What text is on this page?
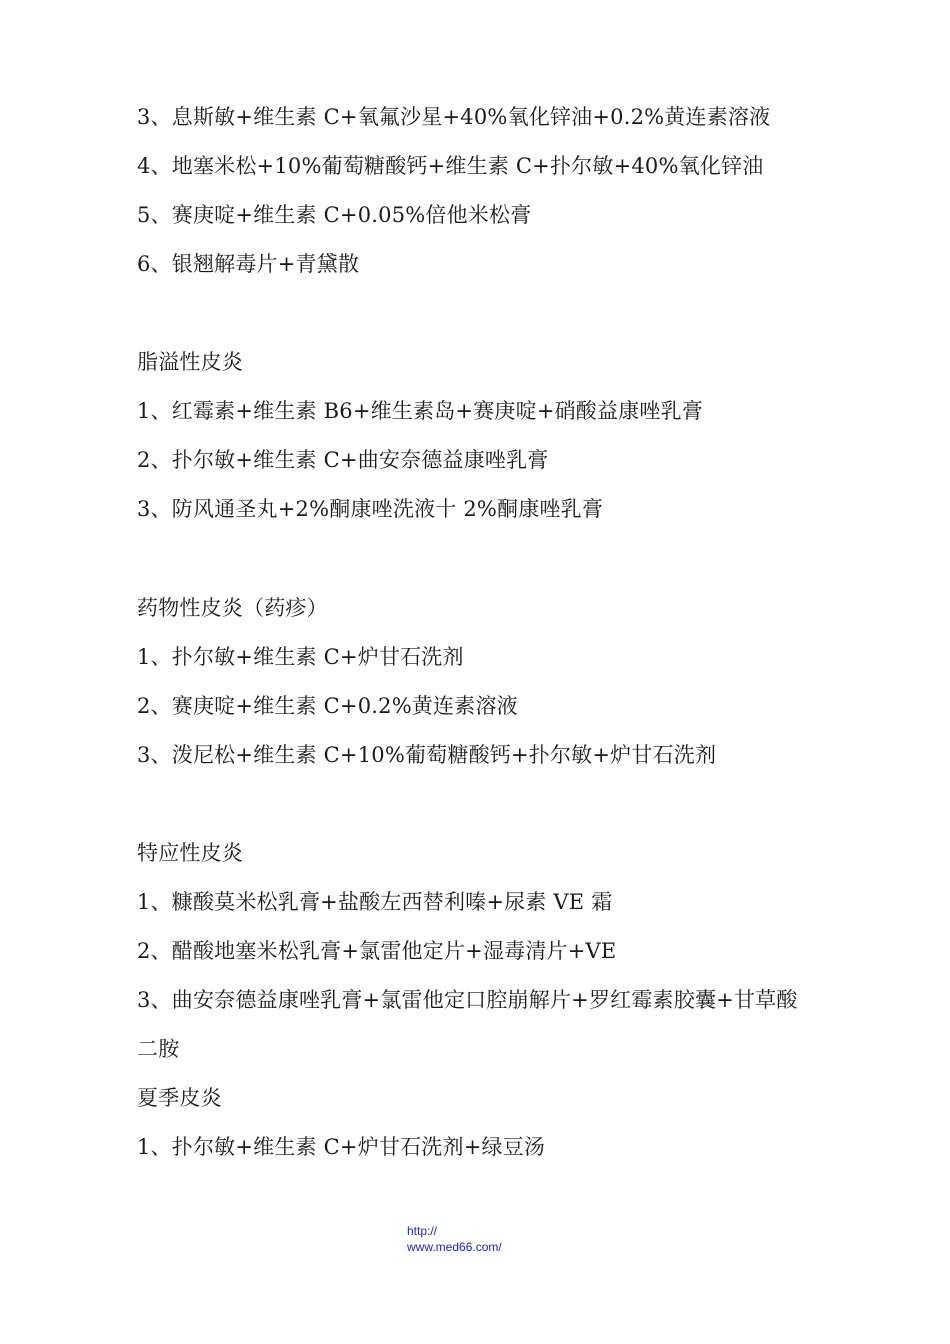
3、息斯敏+维生素 C+氧氟沙星+40%氧化锌油+0.2%黄连素溶液
4、地塞米松+10%葡萄糖酸钙+维生素 C+扑尔敏+40%氧化锌油
5、赛庚啶+维生素 C+0.05%倍他米松膏
6、银翘解毒片+青黛散
脂溢性皮炎
1、红霉素+维生素 B6+维生素岛+赛庚啶+硝酸益康唑乳膏
2、扑尔敏+维生素 C+曲安奈德益康唑乳膏
3、防风通圣丸+2%酮康唑洗液十 2%酮康唑乳膏
药物性皮炎（药疹）
1、扑尔敏+维生素 C+炉甘石洗剂
2、赛庚啶+维生素 C+0.2%黄连素溶液
3、泼尼松+维生素 C+10%葡萄糖酸钙+扑尔敏+炉甘石洗剂
特应性皮炎
1、糠酸莫米松乳膏+盐酸左西替利嗪+尿素 VE 霜
2、醋酸地塞米松乳膏+氯雷他定片+湿毒清片+VE
3、曲安奈德益康唑乳膏+氯雷他定口腔崩解片+罗红霉素胶囊+甘草酸
二胺
夏季皮炎
1、扑尔敏+维生素 C+炉甘石洗剂+绿豆汤
http://
www.med66.com/
